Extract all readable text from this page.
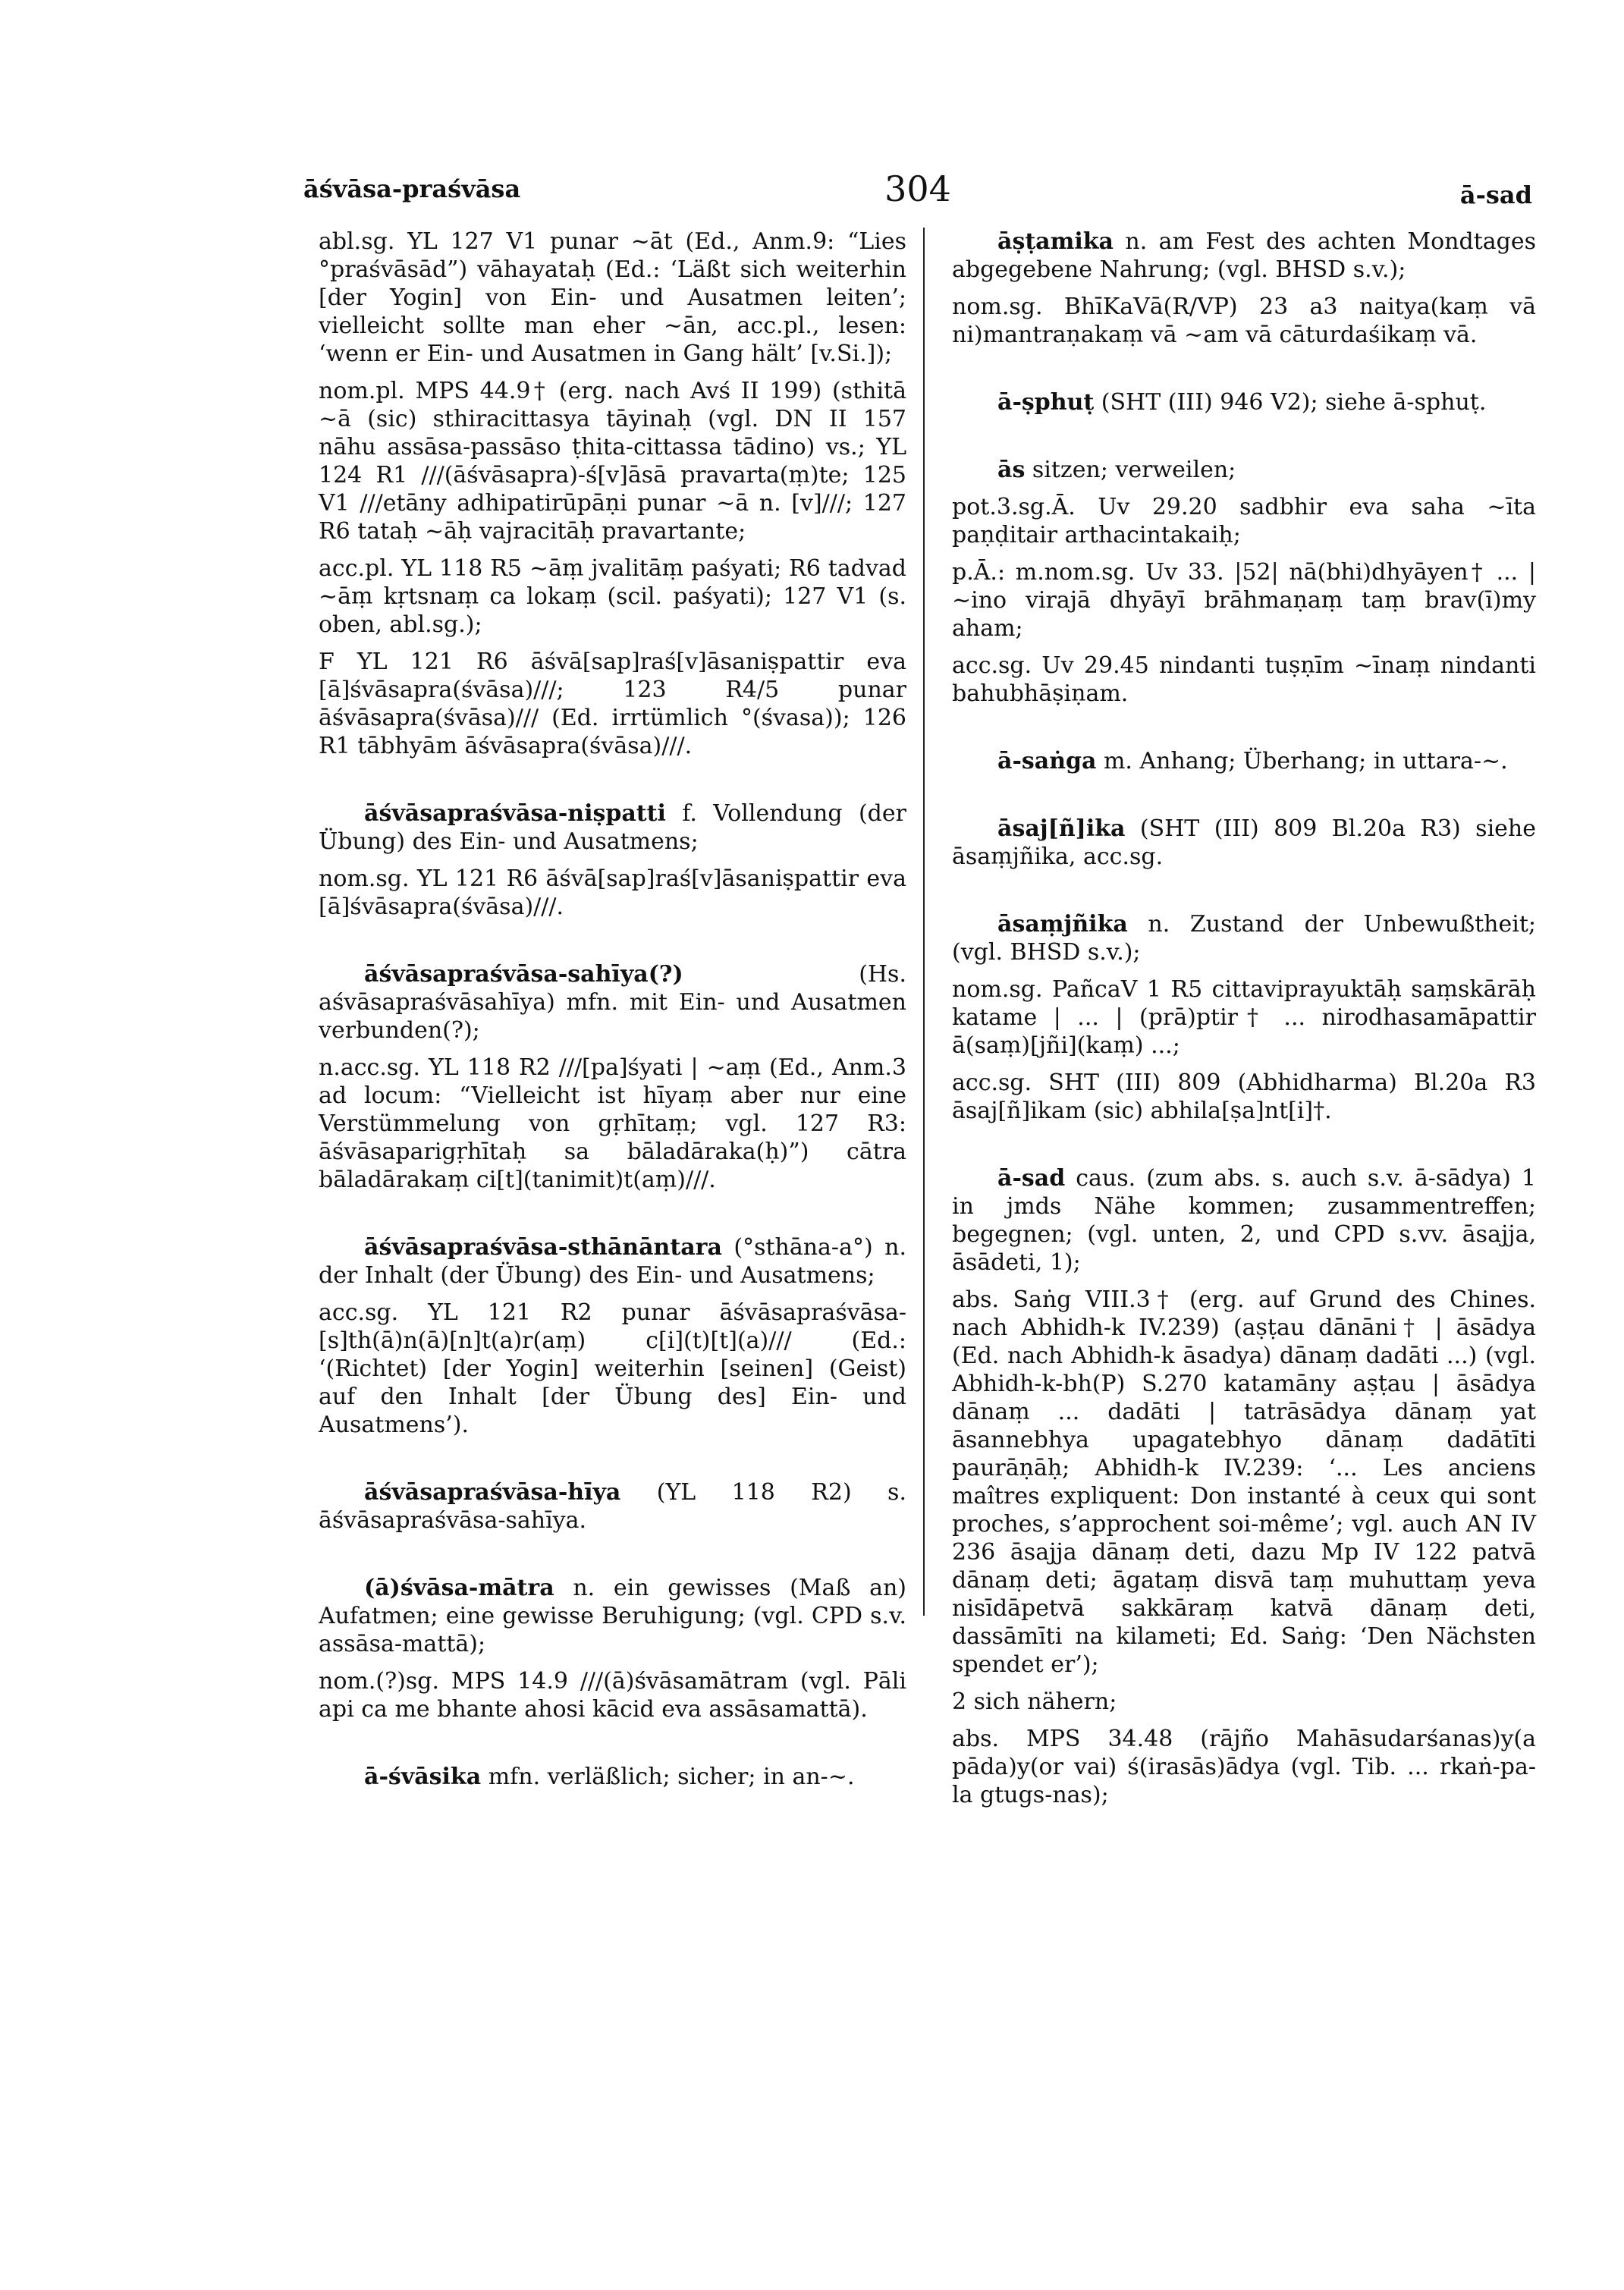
āśvāsa-praśvāsa	304	ā-sad

abl.sg. YL 127 V1 punar ~āt (Ed., Anm.9: “Lies °praśvāsād”) vāhayataḥ (Ed.: ‘Läßt sich weiterhin [der Yogin] von Ein- und Ausatmen leiten’; vielleicht sollte man eher ~ān, acc.pl., lesen: ‘wenn er Ein- und Ausatmen in Gang hält’ [v.Si.]);

nom.pl. MPS 44.9† (erg. nach Avś II 199) (sthitā ~ā (sic) sthiracittasya tāyinaḥ (vgl. DN II 157 nāhu assāsa-passāso ṭhita-cittassa tādino) vs.; YL 124 R1 ///(āśvāsapra)-ś[v]āsā pravarta(ṃ)te; 125 V1 ///etāny adhipatirūpāṇi punar ~ā n. [v]///; 127 R6 tataḥ ~āḥ vajracitāḥ pravartante;

acc.pl. YL 118 R5 ~āṃ jvalitāṃ paśyati; R6 tadvad ~āṃ kṛtsnaṃ ca lokaṃ (scil. paśyati); 127 V1 (s. oben, abl.sg.);

F YL 121 R6 āśvā[sap]raś[v]āsaniṣpattir eva [ā]śvāsapra(śvāsa)///; 123 R4/5 punar āśvāsapra(śvāsa)/// (Ed. irrtümlich °(śvasa)); 126 R1 tābhyām āśvāsapra(śvāsa)///.

āśvāsapraśvāsa-niṣpatti f. Vollendung (der Übung) des Ein- und Ausatmens;

nom.sg. YL 121 R6 āśvā[sap]raś[v]āsaniṣpattir eva [ā]śvāsapra(śvāsa)///.

āśvāsapraśvāsa-sahīya(?) (Hs. aśvāsapraśvāsahīya) mfn. mit Ein- und Ausatmen verbunden(?);

n.acc.sg. YL 118 R2 ///[pa]śyati | ~aṃ (Ed., Anm.3 ad locum: “Vielleicht ist hīyaṃ aber nur eine Verstümmelung von gṛhītaṃ; vgl. 127 R3: āśvāsaparigṛhītaḥ sa bāladāraka(ḥ)”) cātra bāladārakaṃ ci[t](tanimit)t(aṃ)///.

āśvāsapraśvāsa-sthānāntara (°sthāna-a°) n. der Inhalt (der Übung) des Ein- und Ausatmens;

acc.sg. YL 121 R2 punar āśvāsapraśvāsa-[s]th(ā)n(ā)[n]t(a)r(aṃ) c[i](t)[t](a)/// (Ed.: ‘(Richtet) [der Yogin] weiterhin [seinen] (Geist) auf den Inhalt [der Übung des] Ein- und Ausatmens’).

āśvāsapraśvāsa-hīya (YL 118 R2) s. āśvāsapraśvāsa-sahīya.

(ā)śvāsa-mātra n. ein gewisses (Maß an) Aufatmen; eine gewisse Beruhigung; (vgl. CPD s.v. assāsa-mattā);

nom.(?)sg. MPS 14.9 ///(ā)śvāsamātram (vgl. Pāli api ca me bhante ahosi kācid eva assāsamattā).

ā-śvāsika mfn. verläßlich; sicher; in an-~.

āṣṭamika n. am Fest des achten Mondtages abgegebene Nahrung; (vgl. BHSD s.v.);

nom.sg. BhīKaVā(R/VP) 23 a3 naitya(kaṃ vā ni)mantraṇakaṃ vā ~am vā cāturdaśikaṃ vā.

ā-ṣphuṭ (SHT (III) 946 V2); siehe ā-sphuṭ.

ās sitzen; verweilen;

pot.3.sg.Ā. Uv 29.20 sadbhir eva saha ~īta paṇḍitair arthacintakaiḥ;

p.Ā.: m.nom.sg. Uv 33. |52| nā(bhi)dhyāyen† ... | ~ino virajā dhyāyī brāhmaṇaṃ taṃ brav(ī)my aham;

acc.sg. Uv 29.45 nindanti tuṣṇīm ~īnaṃ nindanti bahubhāṣiṇam.

ā-saṅga m. Anhang; Überhang; in uttara-~.

āsaj[ñ]ika (SHT (III) 809 Bl.20a R3) siehe āsaṃjñika, acc.sg.

āsaṃjñika n. Zustand der Unbewußtheit; (vgl. BHSD s.v.);

nom.sg. PañcaV 1 R5 cittaviprayuktāḥ saṃskārāḥ katame | ... | (prā)ptir† ... nirodhasamāpattir ā(saṃ)[jñi](kaṃ) ...;

acc.sg. SHT (III) 809 (Abhidharma) Bl.20a R3 āsaj[ñ]ikam (sic) abhila[ṣa]nt[i]†.

ā-sad caus. (zum abs. s. auch s.v. ā-sādya) 1 in jmds Nähe kommen; zusammentreffen; begegnen; (vgl. unten, 2, und CPD s.vv. āsajja, āsādeti, 1);

abs. Saṅg VIII.3† (erg. auf Grund des Chines. nach Abhidh-k IV.239) (aṣṭau dānāni† | āsādya (Ed. nach Abhidh-k āsadya) dānaṃ dadāti ...) (vgl. Abhidh-k-bh(P) S.270 katamāny aṣṭau | āsādya dānaṃ ... dadāti | tatrāsādya dānaṃ yat āsannebhya upagatebhyo dānaṃ dadātīti paurāṇāḥ; Abhidh-k IV.239: ‘... Les anciens maîtres expliquent: Don instanté à ceux qui sont proches, s’approchent soi-même’; vgl. auch AN IV 236 āsajja dānaṃ deti, dazu Mp IV 122 patvā dānaṃ deti; āgataṃ disvā taṃ muhuttaṃ yeva nisīdāpetvā sakkāraṃ katvā dānaṃ deti, dassāmīti na kilameti; Ed. Saṅg: ‘Den Nächsten spendet er’);

2 sich nähern;

abs. MPS 34.48 (rājño Mahāsudarśanas)y(a pāda)y(or vai) ś(irasās)ādya (vgl. Tib. ... rkaṅ-pa-la gtugs-nas);
